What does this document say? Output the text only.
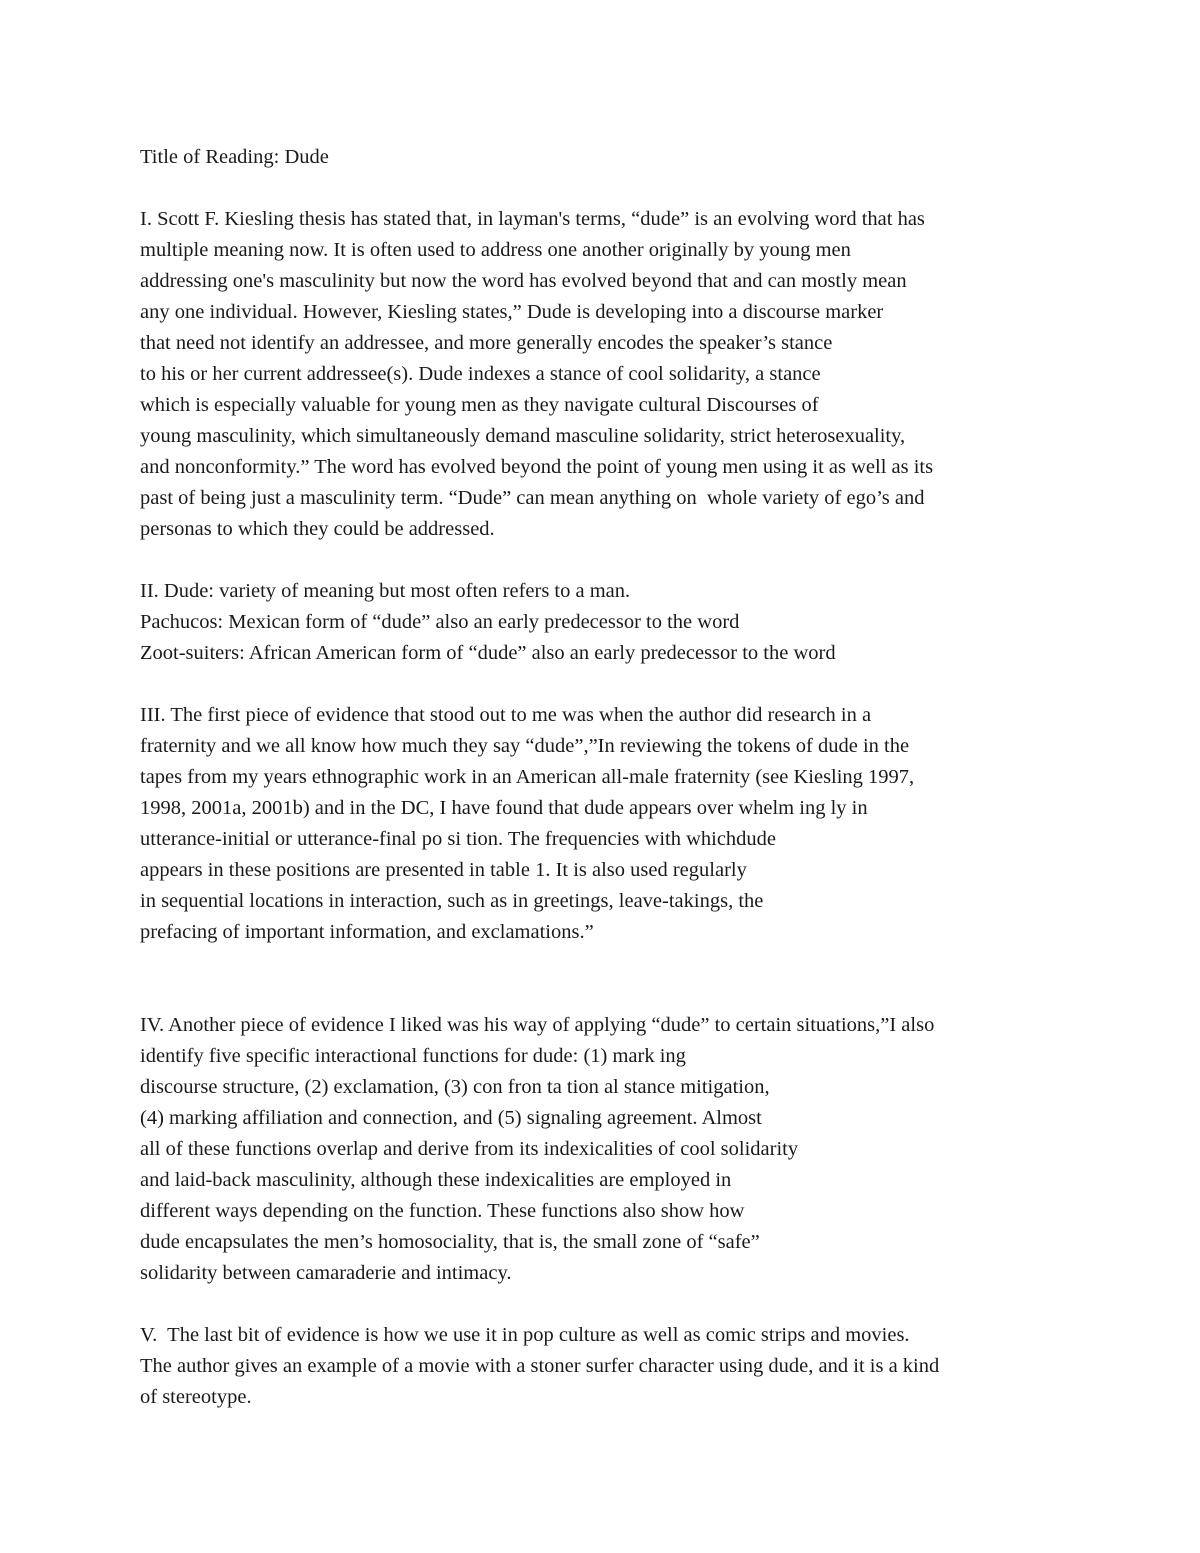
Title of Reading: Dude
I. Scott F. Kiesling thesis has stated that, in layman's terms, “dude” is an evolving word that has
multiple meaning now. It is often used to address one another originally by young men
addressing one's masculinity but now the word has evolved beyond that and can mostly mean
any one individual. However, Kiesling states,” Dude is developing into a discourse marker
that need not identify an addressee, and more generally encodes the speaker’s stance
to his or her current addressee(s). Dude indexes a stance of cool solidarity, a stance
which is especially valuable for young men as they navigate cultural Discourses of
young masculinity, which simultaneously demand masculine solidarity, strict heterosexuality,
and nonconformity.” The word has evolved beyond the point of young men using it as well as its
past of being just a masculinity term. “Dude” can mean anything on  whole variety of ego’s and
personas to which they could be addressed.
II. Dude: variety of meaning but most often refers to a man.
Pachucos: Mexican form of “dude” also an early predecessor to the word
Zoot-suiters: African American form of “dude” also an early predecessor to the word
III. The first piece of evidence that stood out to me was when the author did research in a
fraternity and we all know how much they say “dude”,”In reviewing the tokens of dude in the
tapes from my years ethnographic work in an American all-male fraternity (see Kiesling 1997,
1998, 2001a, 2001b) and in the DC, I have found that dude appears over whelm ing ly in
utterance-initial or utterance-final po si tion. The frequencies with whichdude
appears in these positions are presented in table 1. It is also used regularly
in sequential locations in interaction, such as in greetings, leave-takings, the
prefacing of important information, and exclamations.”
IV. Another piece of evidence I liked was his way of applying “dude” to certain situations,”I also
identify five specific interactional functions for dude: (1) mark ing
discourse structure, (2) exclamation, (3) con fron ta tion al stance mitigation,
(4) marking affiliation and connection, and (5) signaling agreement. Almost
all of these functions overlap and derive from its indexicalities of cool solidarity
and laid-back masculinity, although these indexicalities are employed in
different ways depending on the function. These functions also show how
dude encapsulates the men’s homosociality, that is, the small zone of “safe”
solidarity between camaraderie and intimacy.
V.  The last bit of evidence is how we use it in pop culture as well as comic strips and movies.
The author gives an example of a movie with a stoner surfer character using dude, and it is a kind
of stereotype.
